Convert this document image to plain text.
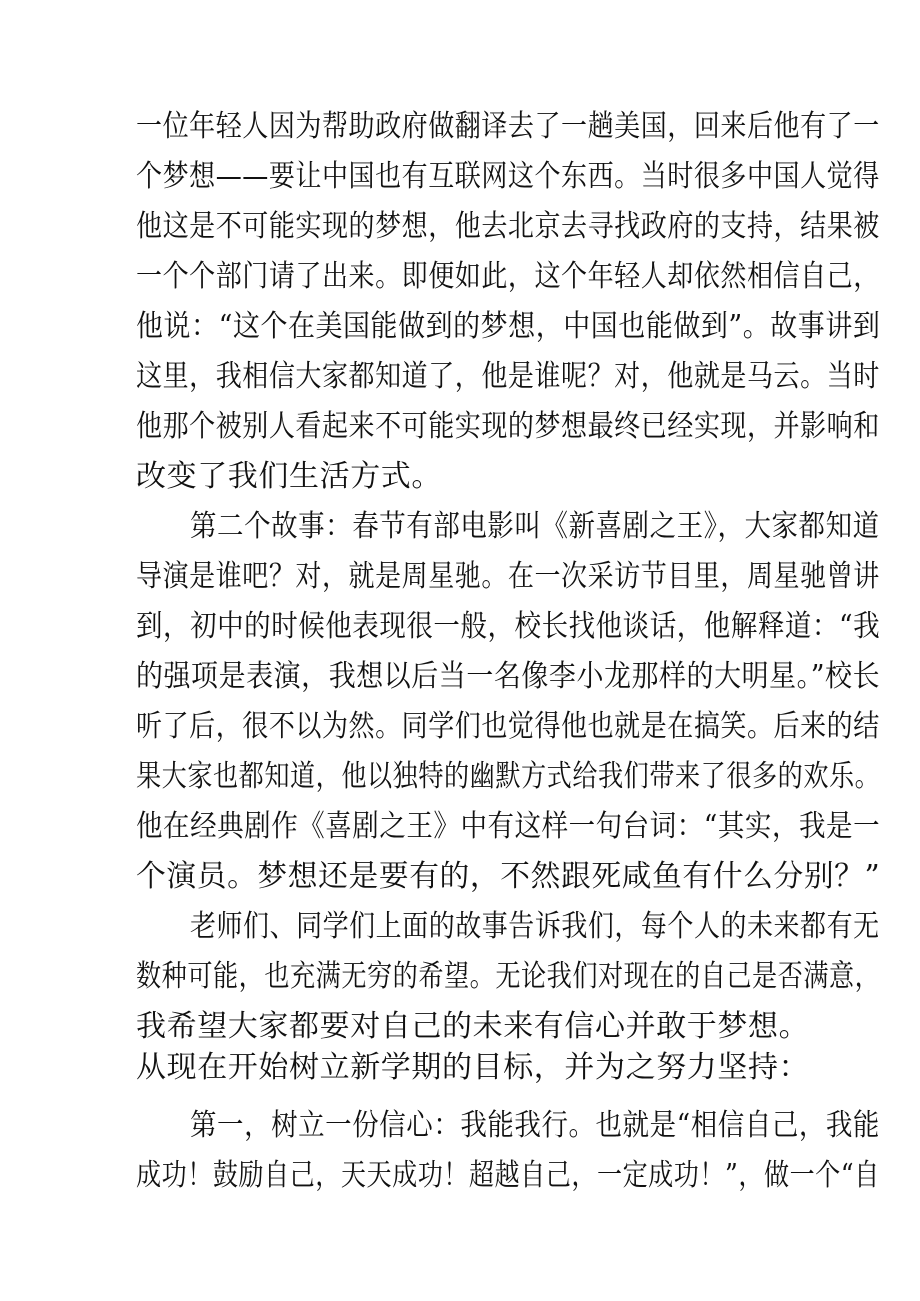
一位年轻人因为帮助政府做翻译去了一趟美国，回来后他有了一
个梦想——要让中国也有互联网这个东西。当时很多中国人觉得
他这是不可能实现的梦想，他去北京去寻找政府的支持，结果被
一个个部门请了出来。即便如此，这个年轻人却依然相信自己，
他说：“这个在美国能做到的梦想，中国也能做到”。故事讲到
这里，我相信大家都知道了，他是谁呢？对，他就是马云。当时
他那个被别人看起来不可能实现的梦想最终已经实现，并影响和
改变了我们生活方式。
第二个故事：春节有部电影叫《新喜剧之王》，大家都知道
导演是谁吧？对，就是周星驰。在一次采访节目里，周星驰曾讲
到，初中的时候他表现很一般，校长找他谈话，他解释道：“我
的强项是表演，我想以后当一名像李小龙那样的大明星。”校长
听了后，很不以为然。同学们也觉得他也就是在搞笑。后来的结
果大家也都知道，他以独特的幽默方式给我们带来了很多的欢乐。
他在经典剧作《喜剧之王》中有这样一句台词：“其实，我是一
个演员。梦想还是要有的，不然跟死咸鱼有什么分别？”
老师们、同学们上面的故事告诉我们，每个人的未来都有无
数种可能，也充满无穷的希望。无论我们对现在的自己是否满意，
我希望大家都要对自己的未来有信心并敢于梦想。
从现在开始树立新学期的目标，并为之努力坚持：
第一，树立一份信心：我能我行。也就是“相信自己，我能
成功！鼓励自己，天天成功！超越自己，一定成功！”，做一个“自
